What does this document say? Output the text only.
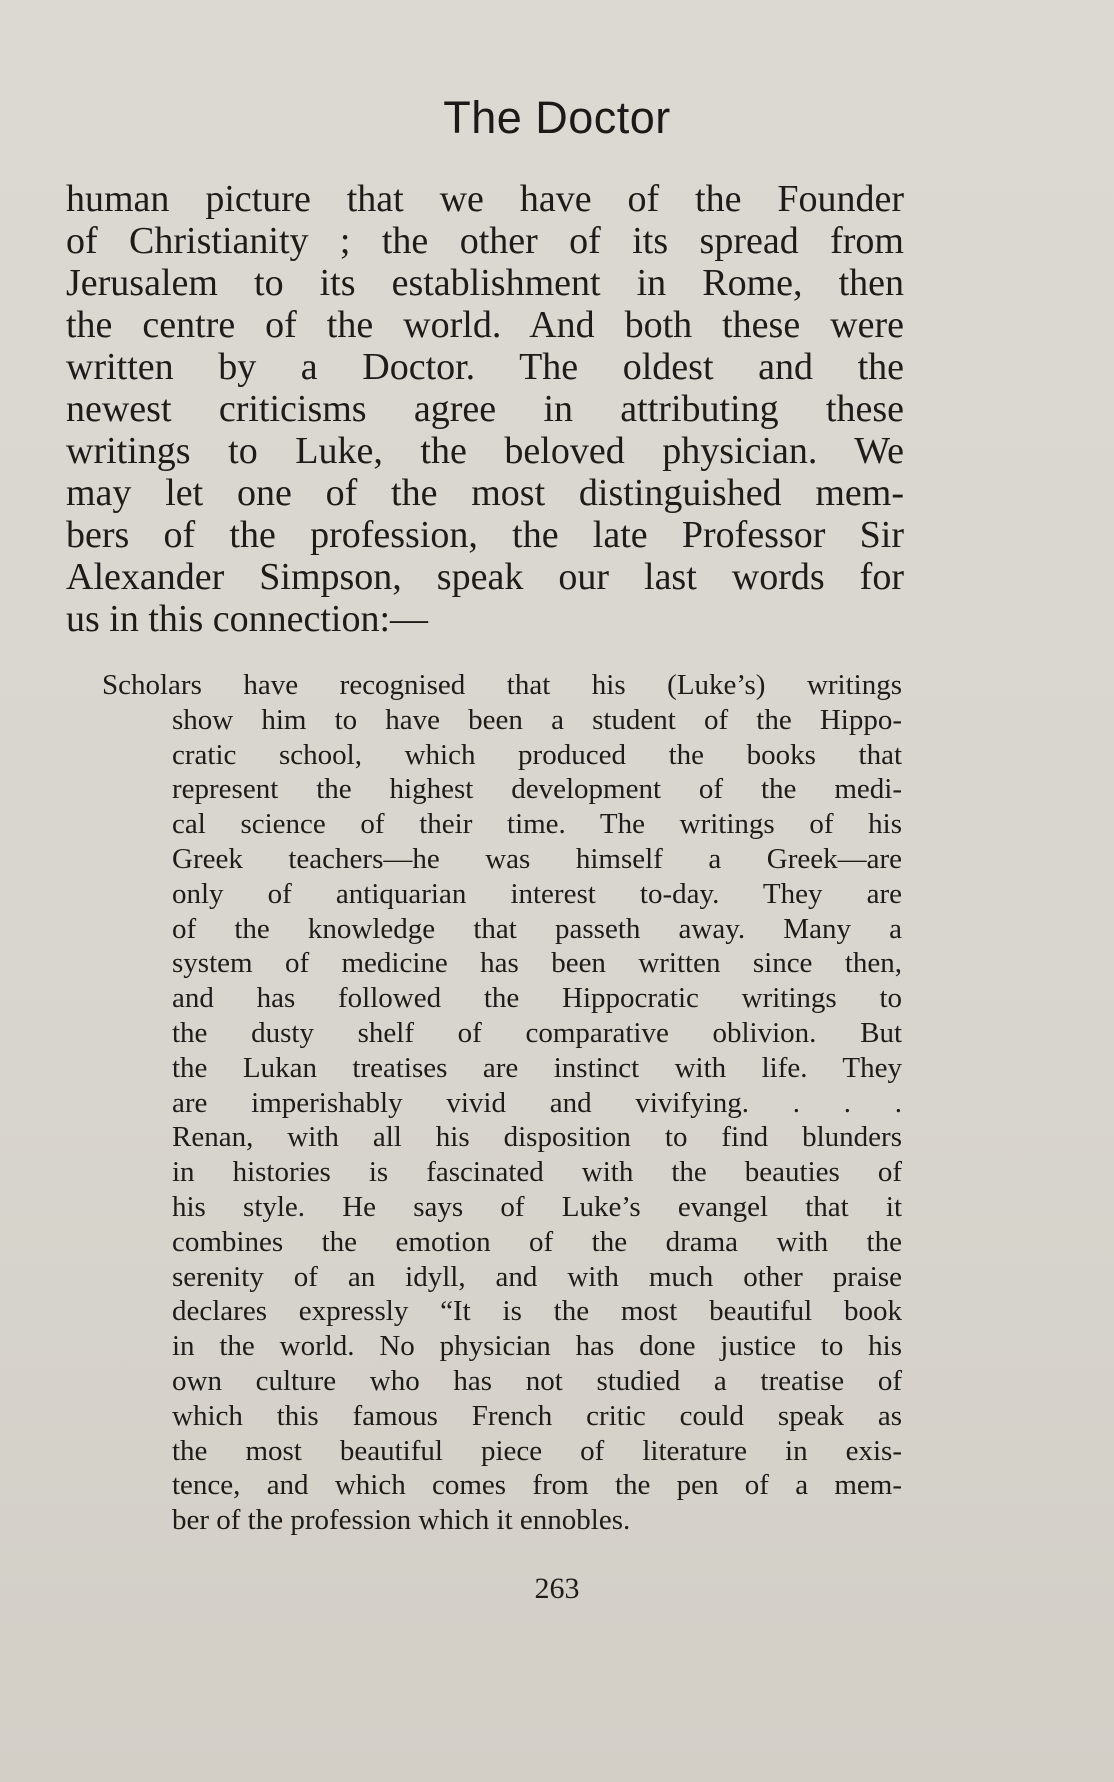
The Doctor
human picture that we have of the Founder
of Christianity ; the other of its spread from
Jerusalem to its establishment in Rome, then
the centre of the world. And both these were
written by a Doctor. The oldest and the
newest criticisms agree in attributing these
writings to Luke, the beloved physician. We
may let one of the most distinguished mem-
bers of the profession, the late Professor Sir
Alexander Simpson, speak our last words for
us in this connection:—
Scholars have recognised that his (Luke’s) writings
show him to have been a student of the Hippo-
cratic school, which produced the books that
represent the highest development of the medi-
cal science of their time. The writings of his
Greek teachers—he was himself a Greek—are
only of antiquarian interest to-day. They are
of the knowledge that passeth away. Many a
system of medicine has been written since then,
and has followed the Hippocratic writings to
the dusty shelf of comparative oblivion. But
the Lukan treatises are instinct with life. They
are imperishably vivid and vivifying. . . .
Renan, with all his disposition to find blunders
in histories is fascinated with the beauties of
his style. He says of Luke’s evangel that it
combines the emotion of the drama with the
serenity of an idyll, and with much other praise
declares expressly “It is the most beautiful book
in the world. No physician has done justice to his
own culture who has not studied a treatise of
which this famous French critic could speak as
the most beautiful piece of literature in exis-
tence, and which comes from the pen of a mem-
ber of the profession which it ennobles.
263
